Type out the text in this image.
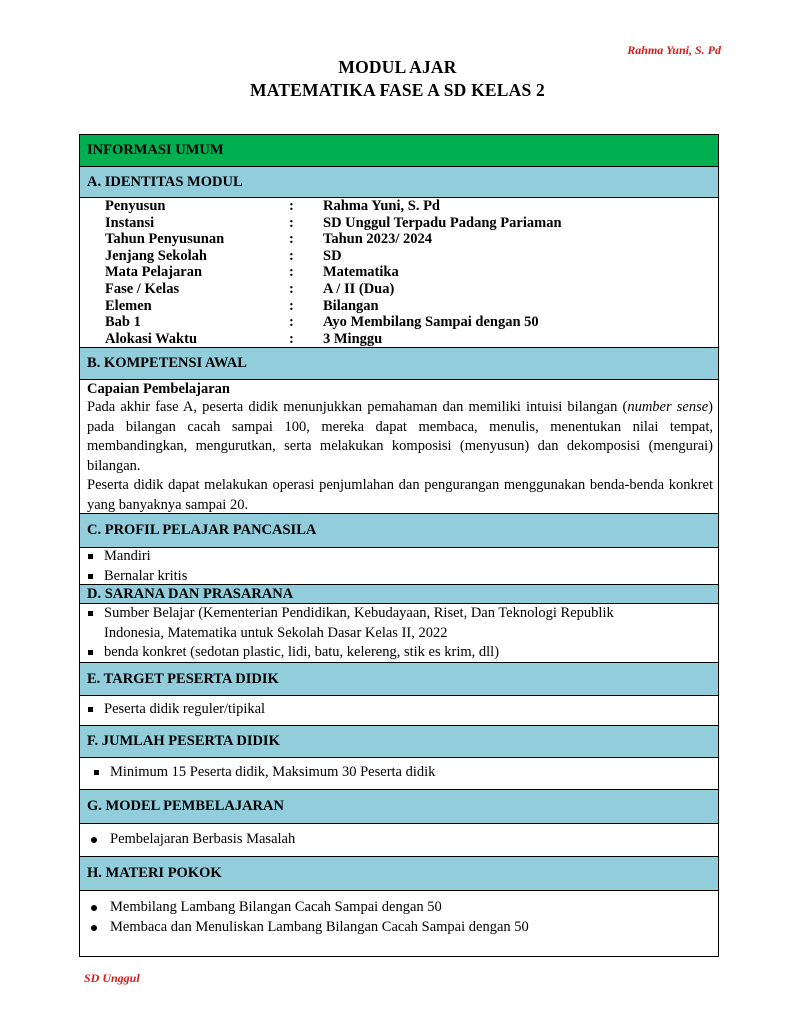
Rahma Yuni, S. Pd
MODUL AJAR
MATEMATIKA FASE A SD KELAS 2
INFORMASI UMUM
A. IDENTITAS MODUL
Penyusun	:	Rahma Yuni, S. Pd
Instansi	:	SD Unggul Terpadu Padang Pariaman
Tahun Penyusunan	:	Tahun 2023/ 2024
Jenjang Sekolah	:	SD
Mata Pelajaran	:	Matematika
Fase / Kelas	:	A / II (Dua)
Elemen	:	Bilangan
Bab 1	:	Ayo Membilang Sampai dengan 50
Alokasi Waktu	:	3 Minggu
B. KOMPETENSI AWAL
Capaian Pembelajaran
Pada akhir fase A, peserta didik menunjukkan pemahaman dan memiliki intuisi bilangan (number sense) pada bilangan cacah sampai 100, mereka dapat membaca, menulis, menentukan nilai tempat, membandingkan, mengurutkan, serta melakukan komposisi (menyusun) dan dekomposisi (mengurai) bilangan.
Peserta didik dapat melakukan operasi penjumlahan dan pengurangan menggunakan benda-benda konkret yang banyaknya sampai 20.
C. PROFIL PELAJAR PANCASILA
Mandiri
Bernalar kritis
D. SARANA DAN PRASARANA
Sumber Belajar (Kementerian Pendidikan, Kebudayaan, Riset, Dan Teknologi Republik
Indonesia, Matematika untuk Sekolah Dasar Kelas II, 2022
benda konkret (sedotan plastic, lidi, batu, kelereng, stik es krim, dll)
E. TARGET PESERTA DIDIK
Peserta didik reguler/tipikal
F. JUMLAH PESERTA DIDIK
Minimum 15 Peserta didik, Maksimum 30 Peserta didik
G. MODEL PEMBELAJARAN
Pembelajaran Berbasis Masalah
H. MATERI POKOK
Membilang Lambang Bilangan Cacah Sampai dengan 50
Membaca dan Menuliskan Lambang Bilangan Cacah Sampai dengan 50
SD Unggul
